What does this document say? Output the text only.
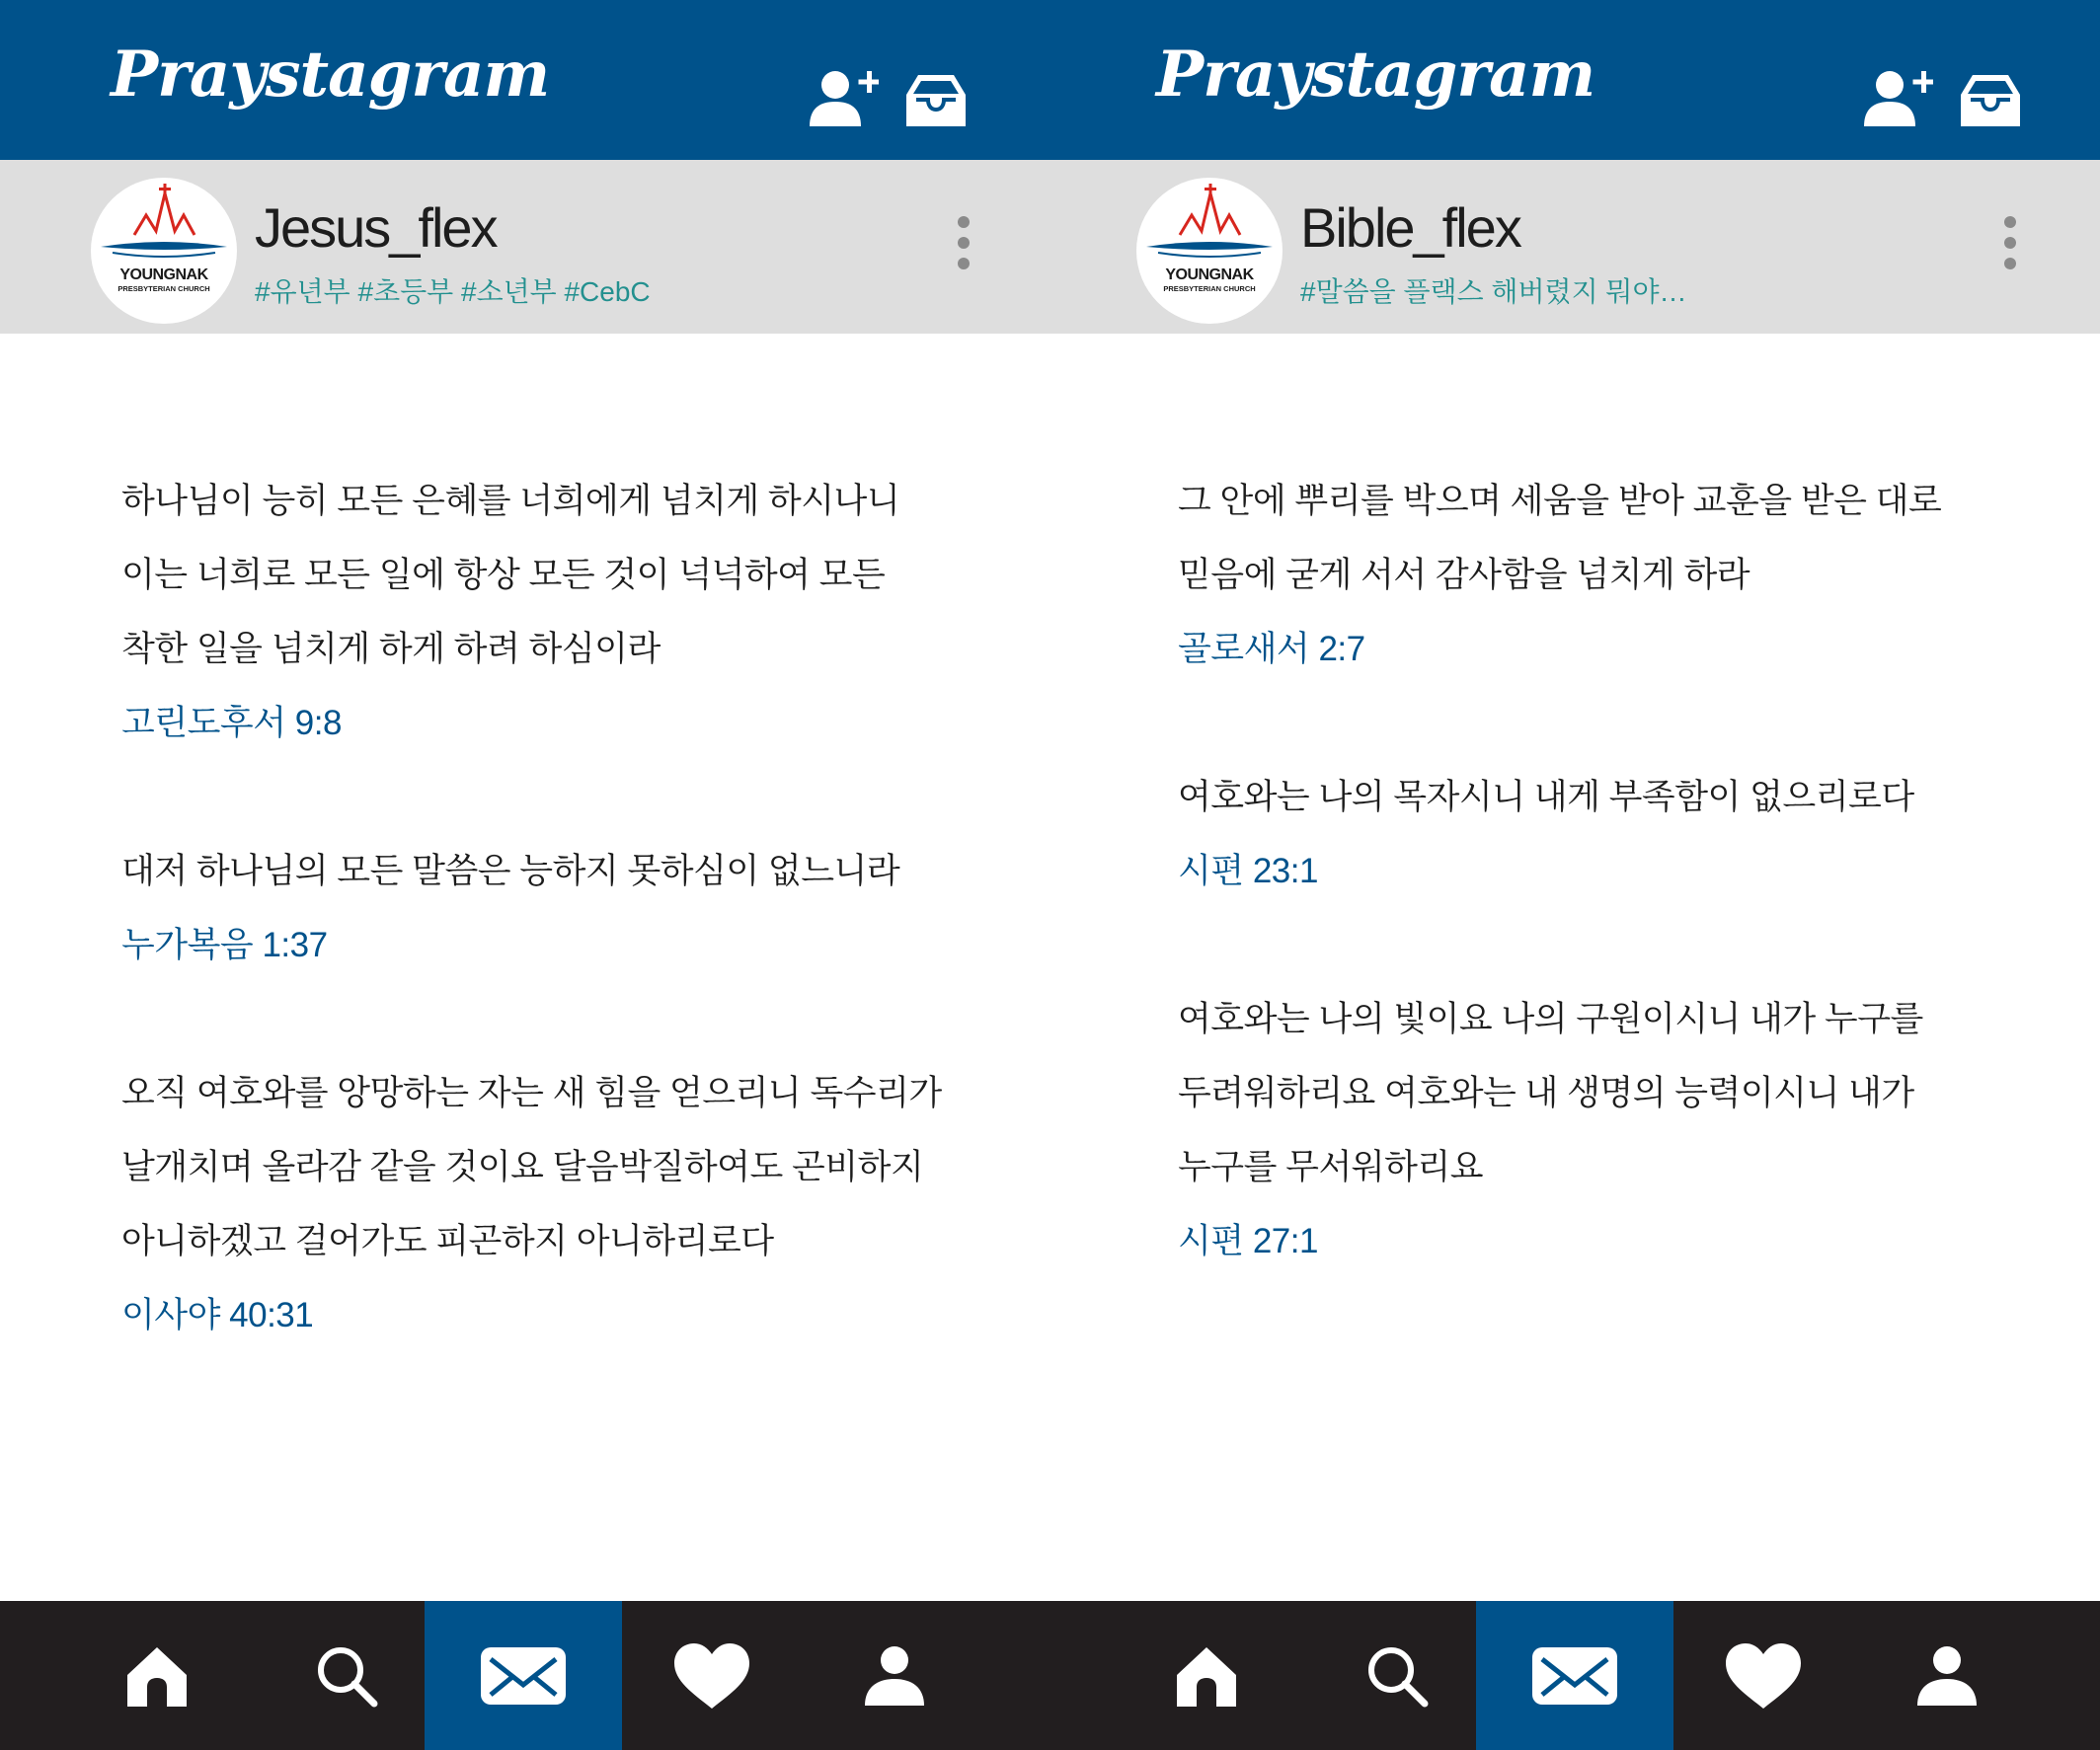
Praystagram
YOUNGNAK
PRESBYTERIAN CHURCH
Jesus_flex
#유년부 #초등부 #소년부 #CebC
하나님이 능히 모든 은혜를 너희에게 넘치게 하시나니
이는 너희로 모든 일에 항상 모든 것이 넉넉하여 모든
착한 일을 넘치게 하게 하려 하심이라
고린도후서 9:8
대저 하나님의 모든 말씀은 능하지 못하심이 없느니라
누가복음 1:37
오직 여호와를 앙망하는 자는 새 힘을 얻으리니 독수리가
날개치며 올라감 같을 것이요 달음박질하여도 곤비하지
아니하겠고 걸어가도 피곤하지 아니하리로다
이사야 40:31
Praystagram
YOUNGNAK
PRESBYTERIAN CHURCH
Bible_flex
#말씀을 플랙스 해버렸지 뭐야…
그 안에 뿌리를 박으며 세움을 받아 교훈을 받은 대로
믿음에 굳게 서서 감사함을 넘치게 하라
골로새서 2:7
여호와는 나의 목자시니 내게 부족함이 없으리로다
시편 23:1
여호와는 나의 빛이요 나의 구원이시니 내가 누구를
두려워하리요 여호와는 내 생명의 능력이시니 내가
누구를 무서워하리요
시편 27:1
